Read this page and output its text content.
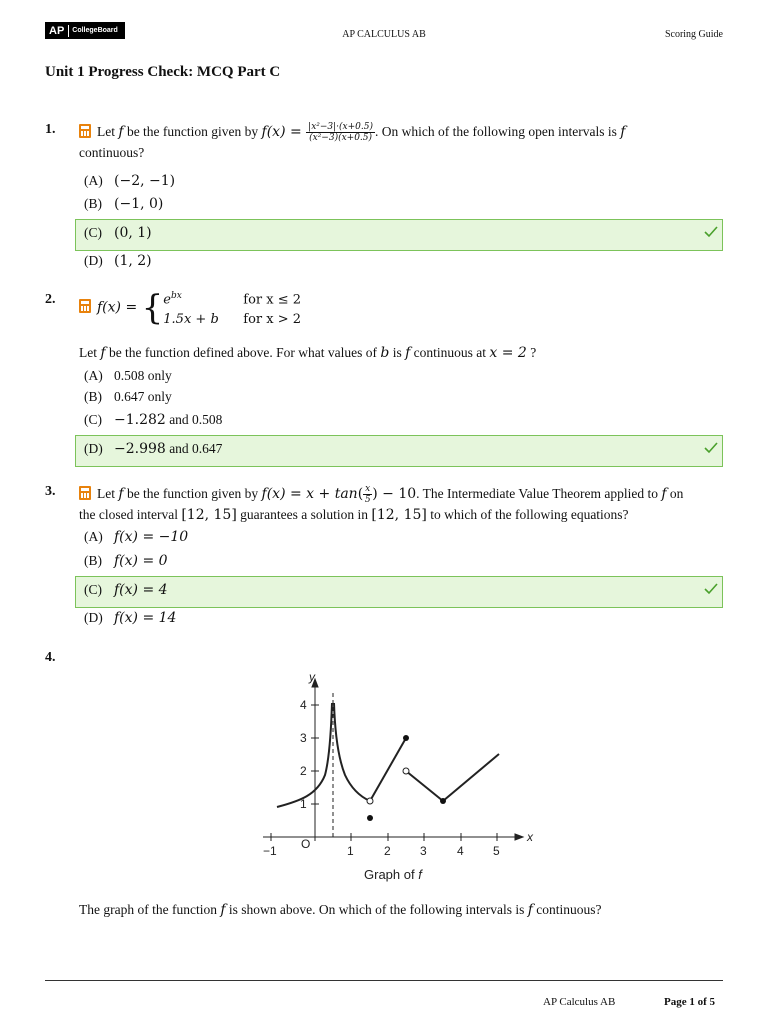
AP	CollegeBoard	AP CALCULUS AB	Scoring Guide
Unit 1 Progress Check: MCQ Part C
1.	Let f be the function given by $f(x) = \frac{\text{|x²−3|·(x+0.5)}}{\text{(x²−3)(x+0.5)}}$ . On which of the following open intervals is f
continuous?
(A) (−2, −1)
(B) (−1, 0)
(C) (0, 1)
(D) (1, 2)
2.	f(x) = { $e^{bx}$	for x ≤ 2
1.5x + b for x > 2
Let f be the function defined above. For what values of b is f continuous at x = 2 ?
(A) 0.508 only
(B) 0.647 only
(C) −1.282 and 0.508
(D) −2.998 and 0.647
3.	Let f be the function given by $f(x) = x + \tan( \frac{x}{5}$ ) − 10. The Intermediate Value Theorem applied to f on
the closed interval [12, 15] guarantees a solution in [12, 15] to which of the following equations?
(A) f(x) = −10
(B) f(x) = 0
(C) f(x) = 4
(D) f(x) = 14
4.
y
x
O
−1	1	2 3	4 5
1
2
3
4
Graph of f
The graph of the function f is shown above. On which of the following intervals is f continuous?
AP Calculus AB	Page 1 of 5
